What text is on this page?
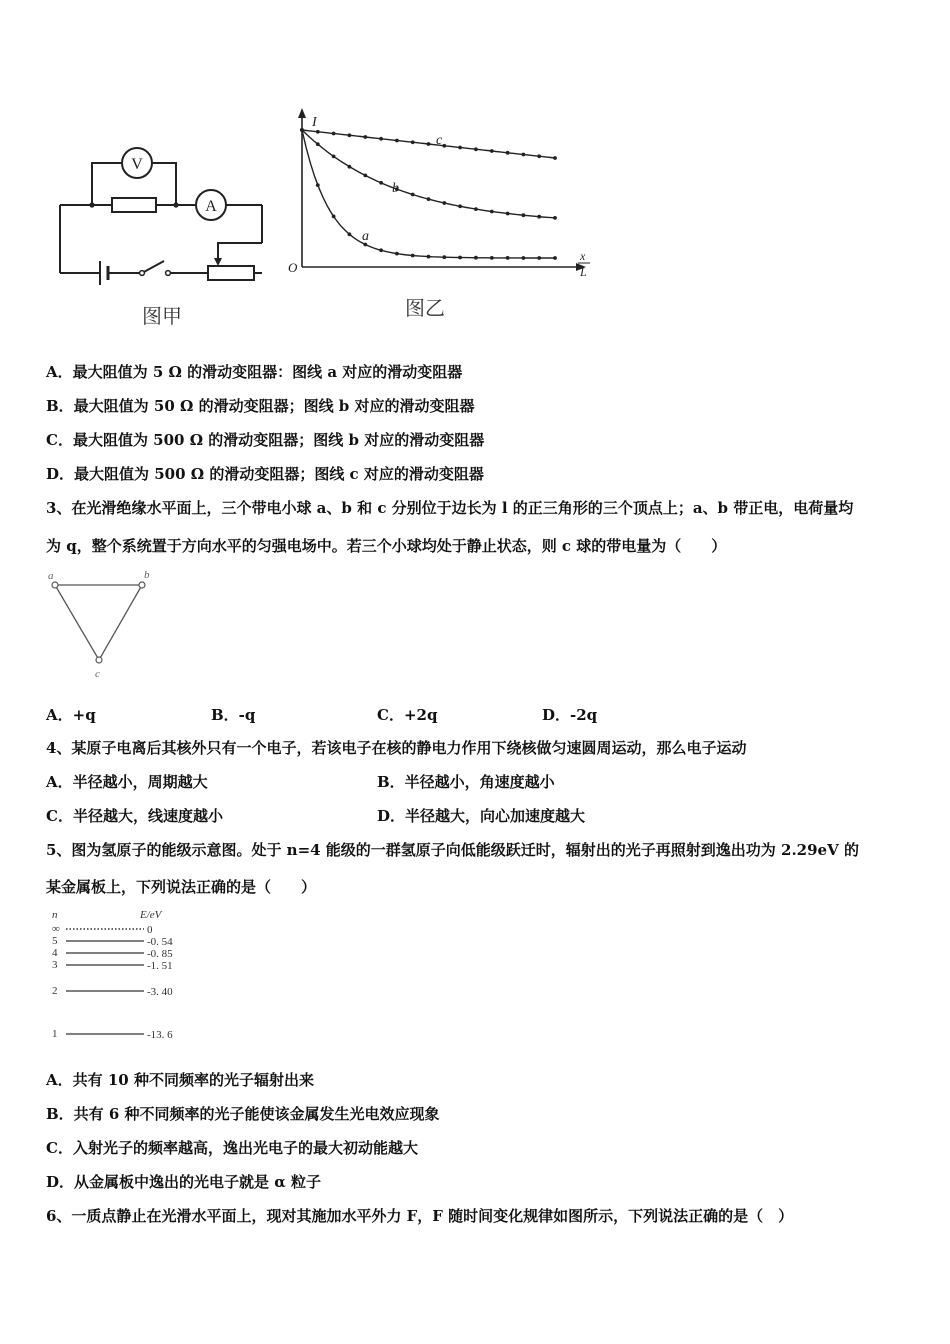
V
A
图甲
I
O
x
L
c
b
a
图乙
A．最大阻值为 5 Ω 的滑动变阻器：图线 a 对应的滑动变阻器
B．最大阻值为 50 Ω 的滑动变阻器；图线 b 对应的滑动变阻器
C．最大阻值为 500 Ω 的滑动变阻器；图线 b 对应的滑动变阻器
D．最大阻值为 500 Ω 的滑动变阻器；图线 c 对应的滑动变阻器
3、在光滑绝缘水平面上，三个带电小球 a、b 和 c 分别位于边长为 l 的正三角形的三个顶点上；a、b 带正电，电荷量均
为 q，整个系统置于方向水平的匀强电场中。若三个小球均处于静止状态，则 c 球的带电量为（　　）
a	b
c
A．+q	B．-q	C．+2q	D．-2q
4、某原子电离后其核外只有一个电子，若该电子在核的静电力作用下绕核做匀速圆周运动，那么电子运动
A．半径越小，周期越大	B．半径越小，角速度越小
C．半径越大，线速度越小	D．半径越大，向心加速度越大
5、图为氢原子的能级示意图。处于 n=4 能级的一群氢原子向低能级跃迁时，辐射出的光子再照射到逸出功为 2.29eV 的
某金属板上，下列说法正确的是（　　）
n	E/eV
∞	0
5	-0. 54
4	-0. 85
3	-1. 51
2	-3. 40
1	-13. 6
A．共有 10 种不同频率的光子辐射出来
B．共有 6 种不同频率的光子能使该金属发生光电效应现象
C．入射光子的频率越高，逸出光电子的最大初动能越大
D．从金属板中逸出的光电子就是 α 粒子
6、一质点静止在光滑水平面上，现对其施加水平外力 F，F 随时间变化规律如图所示，下列说法正确的是（　）
